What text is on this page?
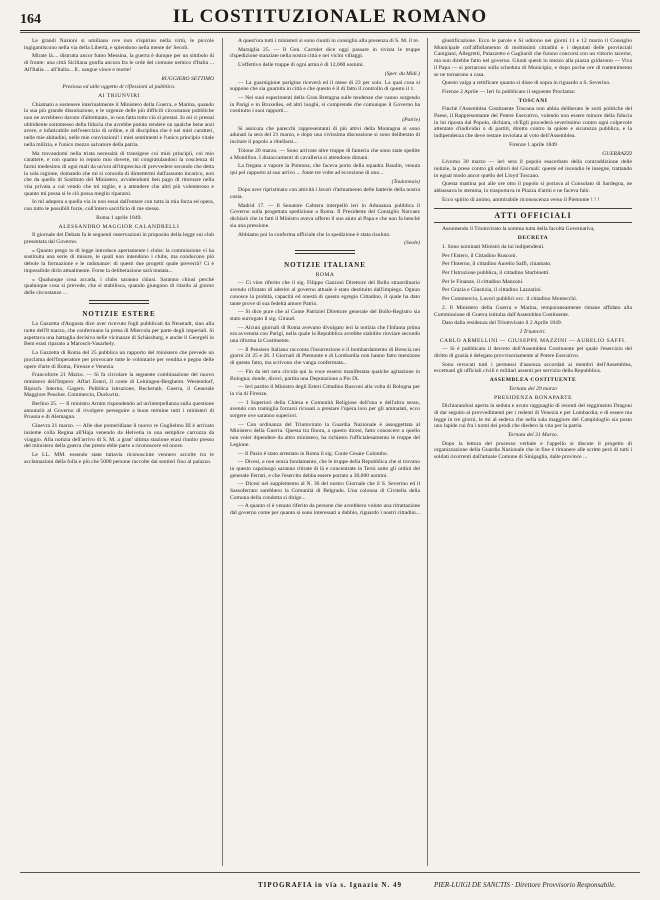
164	IL COSTITUZIONALE ROMANO

Le grandi Nazioni si umiliano ove non s'ispirino nella virtù, le piccole ingigantiscono nella via della Libertà, e spiendono nella mente de' Secoli.

Mirate là.... distrutta ancor fumo Messina, la guerra è dunque per un simbolo di di fronte: una città Siciliana gonfia ancora fra le orde del comune nemico d'Italia ... All'Italia ... all'Italia... Il.. sangue vince e morte!

RUGGIERO SETTIMO

Preziosa ed utile oggetto di riflessioni al pubblico.

AI TRIUNVIRI

Chiamato a sostenere interinalmente il Ministero della Guerra, e Marina, quando la sua più grande dissoluzione, e le urgenze delle più difficili circostanze pubbliche non ne avrebbero davuto d'altrettanto, io non fatta tutto ciò sì prestai. Io mi ci prestai ubbidiente sottomesso della fiducia che avrebbe potuto rendere un qualche bene anzi avere, e infaticabile nell'esercizio di ordine, e di disciplina che è nei miei caratteri, nelle mie abitudini, nelle mie convinzioni! i miei sentimenti e l'unico principio vitale nella milizia, e l'unico mezzo salvatore della patria.

Ma trovandomi nella trista necessità di transigere coi miei principii, col mio carattere, e con quanto io reputo mio dovere, mi congratulandosi la coscienza di farmi medesimo di ogni mali da un'ora all'imprecisa di prevvedere secondo che detta la sola ragione, domando che mi si conceda di dimettermi dall'assunto incarico, non che da quello di Sostituto del Ministero, avvalendomi ben pago di ritornare nella vita privata a cui vendo che mi toglie, e a attendere che altri più volenteroso e quanto mi possa si le ciò possa meglio ripararsi.

Io mi adopera a quella via in non essai dall'entare con tutta la mia forza ed opera, con tutto le possibili forze, coll'intero sacrificio di me stesso.

Roma 1 aprile 1849.

ALESSANDRO MAGGIOR CALANDRELLI

Il giornale dei Debats fa le seguenti osservazioni in proposito della legge sui club presentata dal Governo.

« Quanto prego tu di legge introduce apertamente i clubs: la commissione vi ha sostituita una serie di misure, le quali non intendono i clubs, ma conducono più debole la formazione e le radunanze: di questi due progetti quale preverrà? Ci è impossibile dirlo attualmente. Forse la deliberazione sarà mutata...

« Qualunque cosa accada, i clubs saranno chiusi. Saranno chiusi perchè qualunque cosa si prevede, che si stabilisca, quando giungono di ritardo al giorno delle circostanze ...

NOTIZIE ESTERE

La Gazzetta d'Augusta dice aver ricevuto fogli pubblicati da Neustadt, sino alla notte dell'8 marzo, che confermano la presa di Miercola per parte degli imperiali. Si aspettava una battaglia decisiva nelle vicinanze di Schässburg, e anche li Georgeli in Bem erasi riparato a Marosch-Vasarhely.

La Gazzetta di Roma del 25 pubblica un rapporto del ministero che prevede un proclama dell'Imperatore per provocare tutte le volontarie per vendita e pegno delle opere d'arte di Roma, Firenze e Venezia.

Francoforte 21 Marzo. — Si fa circolare la seguente combinazione del nuovo ministero dell'Impero: Affari Esteri, il conte di Leiningen-Bergheim. Westendorf, Ripisch. Interno, Gagern. Pubblica istruzione, Beckerath. Guerra, il Generale Maggiore Peucker. Commercio, Duckwitz.

Berlino 25. — Il ministro Arnim rispondendo ad un'interpellanza sulla questione annunziò al Governo di rivolgere perseguire a buon termine tutti i ministeri di Prussia e di Alemagna.

Ginevra 21 marzo. — Alle due pomeridiane il nuovo re Guglielmo III è arrivato insieme colla Regina all'Haja venendo da Helvetia in una semplice carrozza da viaggio. Alla notizia dell'arrivo di S. M. a gran' ultima stazione erasi riunito presso del ministero della guerra che presto ebbe parte a riconoscere ed onore.

Le LL. MM. essendo state tuttavia riconosciute vennero accolte tra le acclamazioni della folla e più che 5000 persone raccolte dai sentieri fino al palazzo.

A quest'ora tutti i ministeri si sono riuniti in consiglio alla presenza di S. M. il re.

Marsiglia 25. — Il Gen. Carrelet dice oggi passare in rivista le truppe d'spedizione stanziate nella nostra città e nei vicini villaggi.

L'effettivo delle truppe di ogni arma è di 12,000 uomini.

(Sper. du Midi.)

— La guarnigione parigina riceverà ed il mese di 23 per solo. La qual cosa si suppone che sia guarnita in città e che questo è il di fatto il controllo di questo il 1.

— Nei suoi esperimenti della Gran Bretagna sulle tendenze che vanno sorgendo in Parigi e in Bruxelles, ed altri luoghi, si comprende che comunque il Governo ha costituito i suoi rapporti...

(Patrie)

Si assicura che parecchi rappresentanti di più attivi della Montagna si sono adunati la sera del 21 marzo, e dopo una vivissima discussione si sono deliberato di incitare il popolo a ribellarsi...

Tolone 20 marzo. — Sono arrivate altre truppe di fanteria che sono state spedite a Montillon. I distaccamenti di cavalleria si attendono dimani.

La fregata a vapore la Pomona, che faceva porto della squadra Baudin, venuta qui pel rapporto al suo arrivo ... fonte tre volte ad eccezione di uno...

(Toulonnais)

Dopo aver ripristinato con attività i lavori d'armamento delle batterie della nostra costa.

Madrid 17. — Il Senatore Cabrera interpellò ieri in Adunanza pubblica il Governo sulla progettata spedizione a Roma. Il Presidente del Consiglio Narvaez dichiarò che in fatti il Ministro aveva offerto il suo aiuto al Papa e che non fa benchè sia una pressione.

Abbiamo poi la conferma ufficiale che la spedizione è stata risoluta.

(Seole)
NOTIZIE ITALIANE

ROMA

— Ci vien riferito che il sig. Filippo Gazzoni Direttore del Bollo straordinario avendo rifiutato di aderire al governo attuale è stato destituito dall'impiego. Ognun conosce la probità, capacità ed onestà di questo egregio Cittadino, il quale ha dato tante prove di sua fedeltà amore Patrio.

— Si dice pure che al Conte Patriziel Direttore generale del Bollo-Registro sia stato surrogato il sig. Giraud.

— Alcuni giornali di Roma avevano divulgato ieri la notizia che l'Infanta prima era avvenuta con Parigi, nella quale la Repubblica avrebbe stabilito rinviare secondo una riforma la Costituente.

— Il Pensiero Italiano racconta l'insurrezione e il bombardamento di Brescia nei giorni 24 25 e 26. I Giornali di Piemonte e di Lombardia non hanno fatto menzione di questo fatto, ma scrivono che vanga confermata...

— Fin da ieri sera circola qui la voce essersi manifestata qualche agitazione in Bologna; donde, diceci, partita una Deputazione a Pio IX.

— Ieri partito il Ministro degli Esteri Cittadino Rusconi alla volta di Bologna per la via di Firenze.

— I Superiori della Chiesa e Comunità Religiose dell'una e dell'altra sesso, avendo con tramiglia forzarsi ricusati a prestare l'opera loro per gli ammalati, ecco sorgere ove saranno superiori.

— Con ordinanza del Triumvirato la Guardia Nazionale è assoggettata al Ministero della Guerra. Questa tra finora, a questo dicesi, fatto conoscere a quello non voler dipendere da altro ministero, ha richiesto l'ufficialesamento le truppe del Legione.

— Il Pazio è stato arrestato in Roma il sig. Conte Cesare Colombo.

— Dicesi, e non senza fondamento, che le truppe della Repubblica che si trovano in questo capoluogo saranno ritirate di là e concentrate in Terni sotto gli ordini del generale Ferrari, e che l'esercito debba essere portato a 30,000 uomini.

— Dicesi nel supplemento al N. 36 del nostro Giornale che il S. Severino ed il Sassoferrato sarebbero la Comunità di Belgrado. Una colonna di Civitella della Comuna della condotta si dirige...

— A quanto ci è venuto riferito da persone che avrebbero voluto una ritrattazione dal governo come per quanto si sono interessati a dubbio, riguardo i nostri cittadini...

giustificazione. Ecco le parole e Si udirono nei giorni 11 e 12 marzo il Consiglio Municipale coll'affollamento di moltissimi cittadini e i deputati delle provinciali Canigiani, Allegretti, Palazzetto e Gagliardi che furono concorsi con un vittorio tacerne, ma non direbbe fatto nel governo. Giunti questi in mezzo alla piazza gridarono — Viva il Papa — si portarono sulla scheduta di Municipio, e dopo poche ore di trattenimento se ne tornarono a casa.

Questo valga a rettificare quanto si disse di sopra in riguardo a S. Severino.

Firenze 2 Aprile — Ieri fu pubblicato il seguente Proclama:

TOSCANI

Finchè l'Assemblea Costituente Toscana non abbia deliberato le sorti politiche del Paese, il Rappresentante del Potere Esecutivo, volendo non essere minore della fiducia in lui riposta dal Popolo, dichiara, ch'Egli procederà severissimo contro ogni colpevole attentato d'individui o di partiti, diretto contro la quiete e sicurezza pubblica, e la indipendenza che deve restare inviolata al voto dell'Assemblea.

Firenze 1 aprile 1849

GUERRAZZI

Livorno 30 marzo — ieri sera il popolo esacerbato della contraddizione delle notizie, la prese contro gli editori del Giornali: queste ed incendio le insegne, trattando in egual modo ancor quello del Lloyd Toscano.

Questa mattina poi alle ore otto il popolo si portava al Consolato di Sardegna, ne abbassava lo stemma, lo trasportava in Piazza d'armi e ne faceva falò.

Ecco spirito di animo, ammirabile riconoscenza verso il Piemonte ! ! !

ATTI OFFICIALI

Assumendo il Triumvirato la somma tutta della facoltà Governativa,

DECRETA

1. Sono nominati Ministri da lui indipendenti.

Per l'Estero, il Cittadino Rusconi.

Per l'Interno, il cittadino Aurelio Saffi, chiamato.

Per l'Istruzione pubblica, il cittadino Sturbinetti.

Per le Finanze, il cittadino Manzoni.

Per Grazia e Giustizia, il cittadino Lazzarini.

Per Commercio, Lavori pubblici ecc. il cittadino Montecchi.

2. Il Ministero della Guerra e Marina, temporaneamente rimane affidato alla Commissione di Guerra istituita dall'Assemblea Costituente.

Dato dalla residenza del Triumvirato il 2 Aprile 1849.

I Triumviri.

CARLO ARMELLINI — GIUSEPPE MAZZINI — AURELIO SAFFI.

— Si è pubblicato il decreto dell'Assemblea Costituente pel quale l'esercizio del diritto di grazia è delegato provvisoriamente al Potere Esecutivo.

Sono revocati tutti i permessi d'assenza accordati ai membri dell'Assemblea, eccettuati gli ufficiali civili e militari assenti per servizio della Repubblica.

ASSEMBLEA COSTITUENTE

Tornata del 29 marzo

PRESIDENZA BONAPARTE

Dichiarandosi aperta la seduta e avuto ragguaglio di recenti del reggimento Dragoni di dar seguito ai provvedimenti per i redenti di Venezia e per Lombardia; e di essere ma legge in tre giorni, le mi al sedeva che nella sala maggiore del Campidoglio sia posto uno lapide cui fra i nomi dei prodi che diedero la vita per la patria.

Tornata del 31 Marzo.

Dopo la lettura del processo verbale e l'appello si discute il progetto di organizzazione della Guardia Nazionale che in fine è rimanere alle scritte però di tutti i soldati ricorrenti dall'attuale Comune di Sinigaglia, dalle province ...

TIPOGRAFIA in via s. Ignazio N. 49	PIER-LUIGI DE SANCTIS · Direttore Provvisorio Responsabile.
